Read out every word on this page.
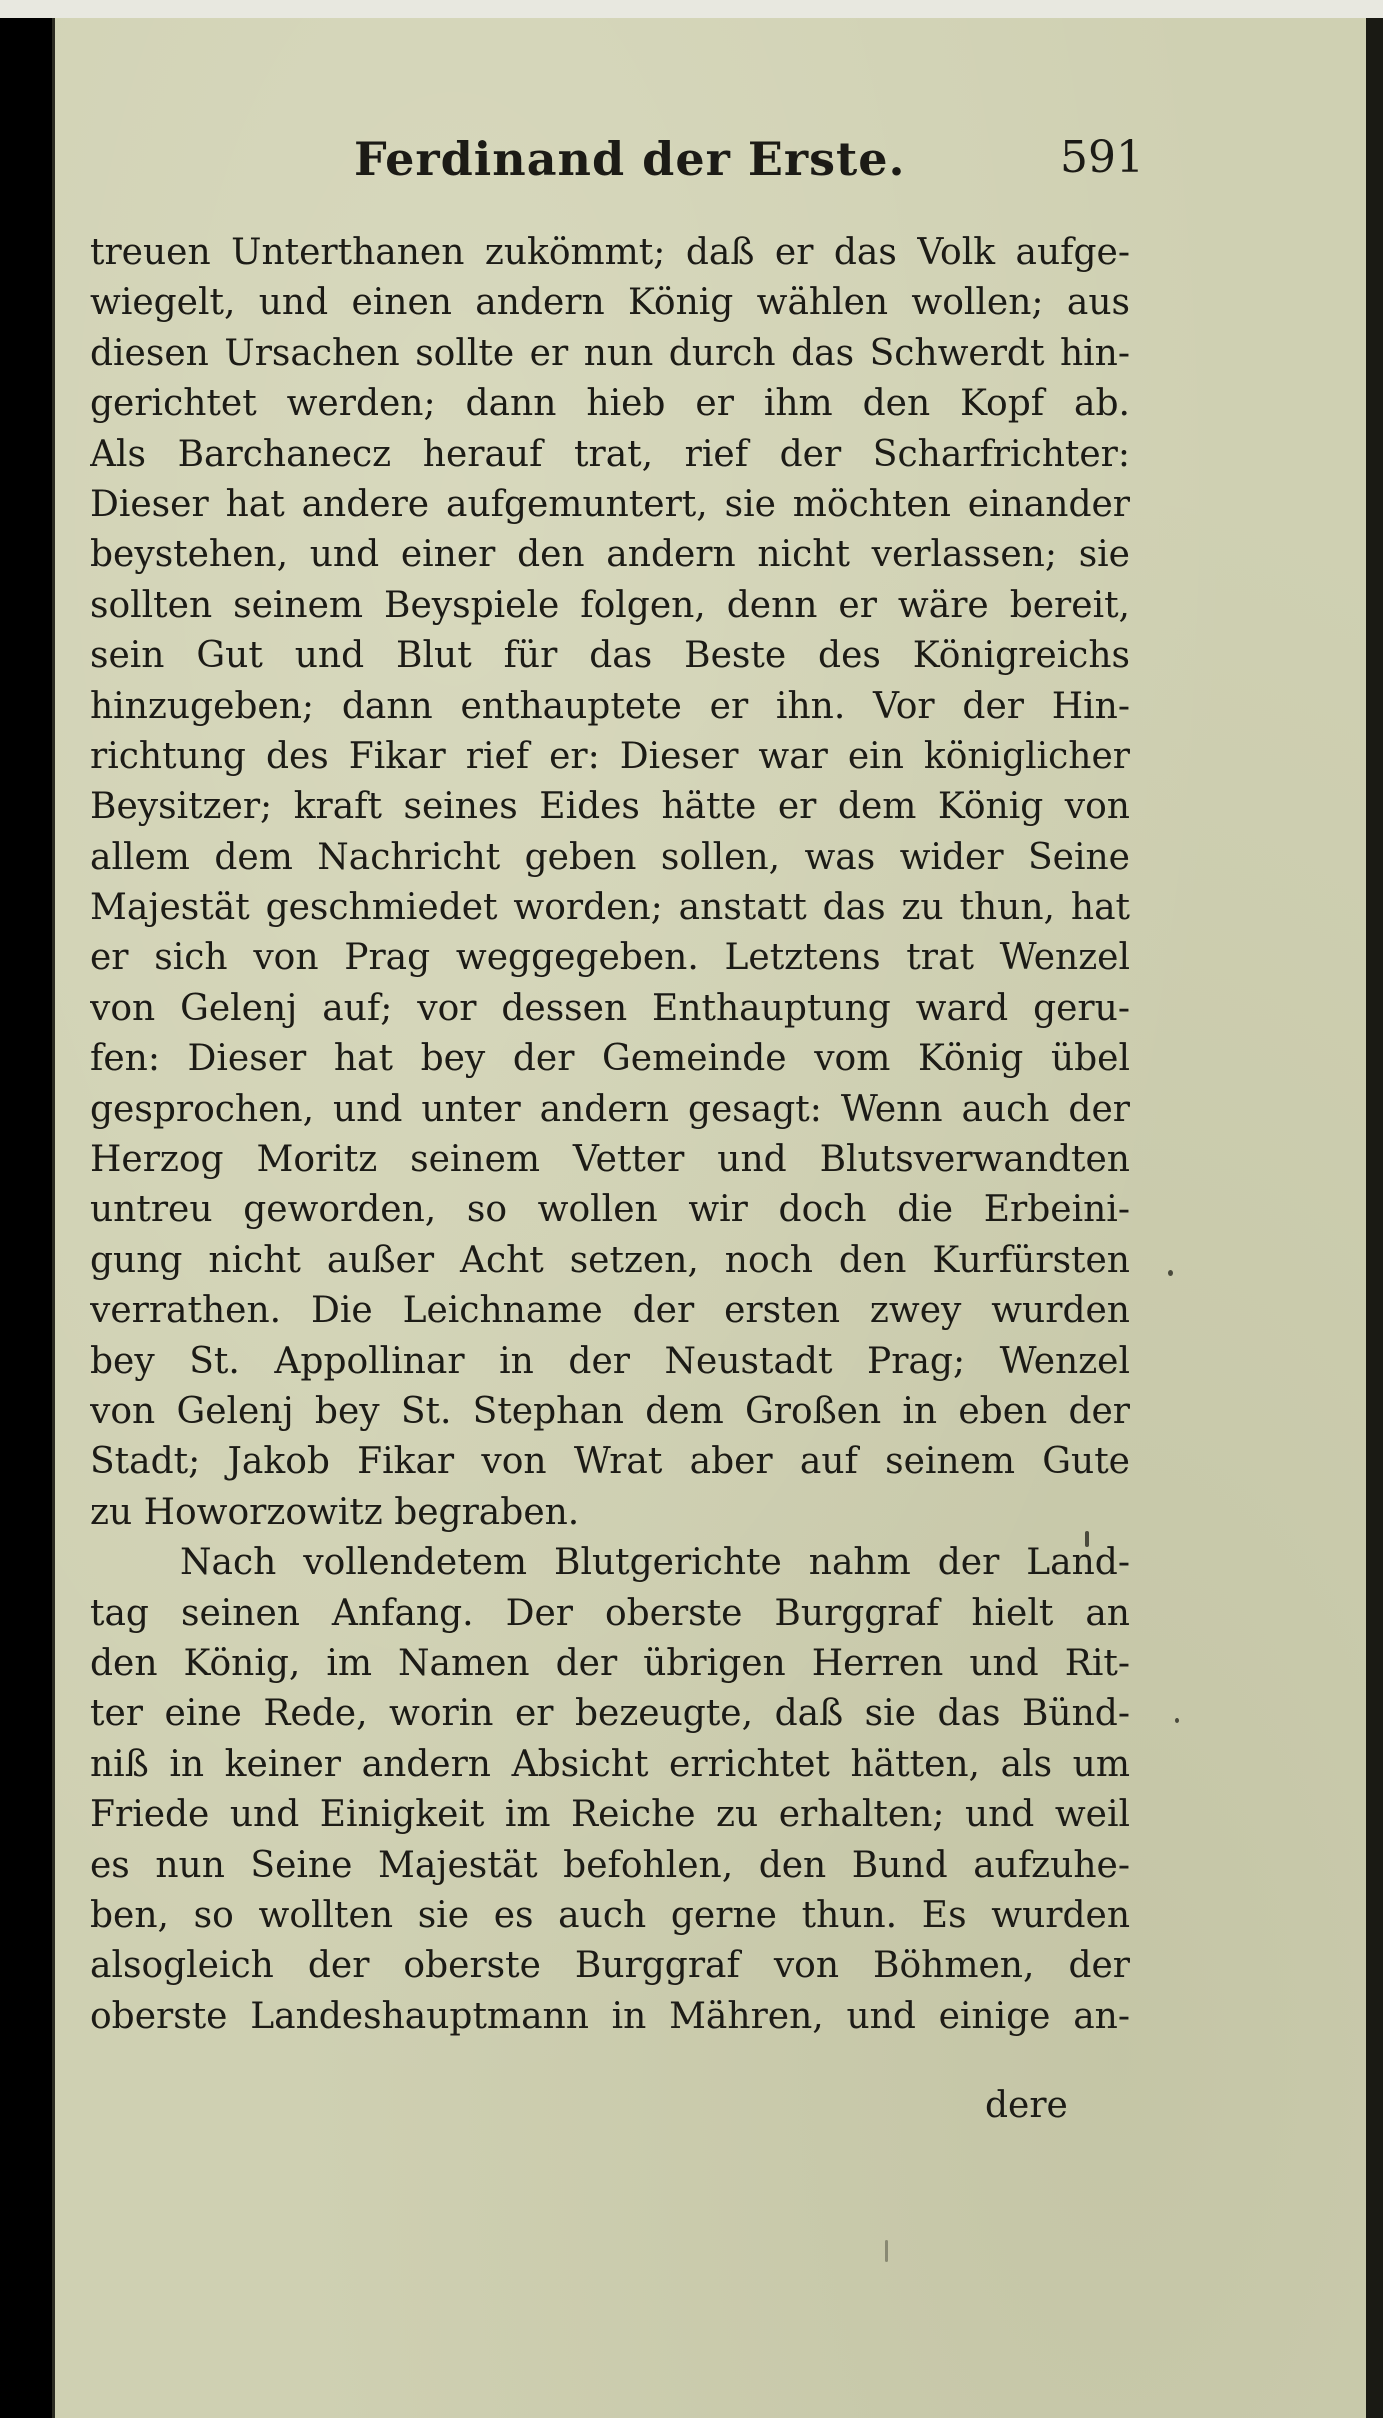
Ferdinand der Erste.	591
treuen Unterthanen zukömmt; daß er das Volk aufge-
wiegelt, und einen andern König wählen wollen; aus
diesen Ursachen sollte er nun durch das Schwerdt hin-
gerichtet werden; dann hieb er ihm den Kopf ab.
Als Barchanecz herauf trat, rief der Scharfrichter:
Dieser hat andere aufgemuntert, sie möchten einander
beystehen, und einer den andern nicht verlassen; sie
sollten seinem Beyspiele folgen, denn er wäre bereit,
sein Gut und Blut für das Beste des Königreichs
hinzugeben; dann enthauptete er ihn. Vor der Hin-
richtung des Fikar rief er: Dieser war ein königlicher
Beysitzer; kraft seines Eides hätte er dem König von
allem dem Nachricht geben sollen, was wider Seine
Majestät geschmiedet worden; anstatt das zu thun, hat
er sich von Prag weggegeben. Letztens trat Wenzel
von Gelenj auf; vor dessen Enthauptung ward geru-
fen: Dieser hat bey der Gemeinde vom König übel
gesprochen, und unter andern gesagt: Wenn auch der
Herzog Moritz seinem Vetter und Blutsverwandten
untreu geworden, so wollen wir doch die Erbeini-
gung nicht außer Acht setzen, noch den Kurfürsten
verrathen. Die Leichname der ersten zwey wurden
bey St. Appollinar in der Neustadt Prag; Wenzel
von Gelenj bey St. Stephan dem Großen in eben der
Stadt; Jakob Fikar von Wrat aber auf seinem Gute
zu Howorzowitz begraben.
Nach vollendetem Blutgerichte nahm der Land-
tag seinen Anfang. Der oberste Burggraf hielt an
den König, im Namen der übrigen Herren und Rit-
ter eine Rede, worin er bezeugte, daß sie das Bünd-
niß in keiner andern Absicht errichtet hätten, als um
Friede und Einigkeit im Reiche zu erhalten; und weil
es nun Seine Majestät befohlen, den Bund aufzuhe-
ben, so wollten sie es auch gerne thun. Es wurden
alsogleich der oberste Burggraf von Böhmen, der
oberste Landeshauptmann in Mähren, und einige an-
dere
